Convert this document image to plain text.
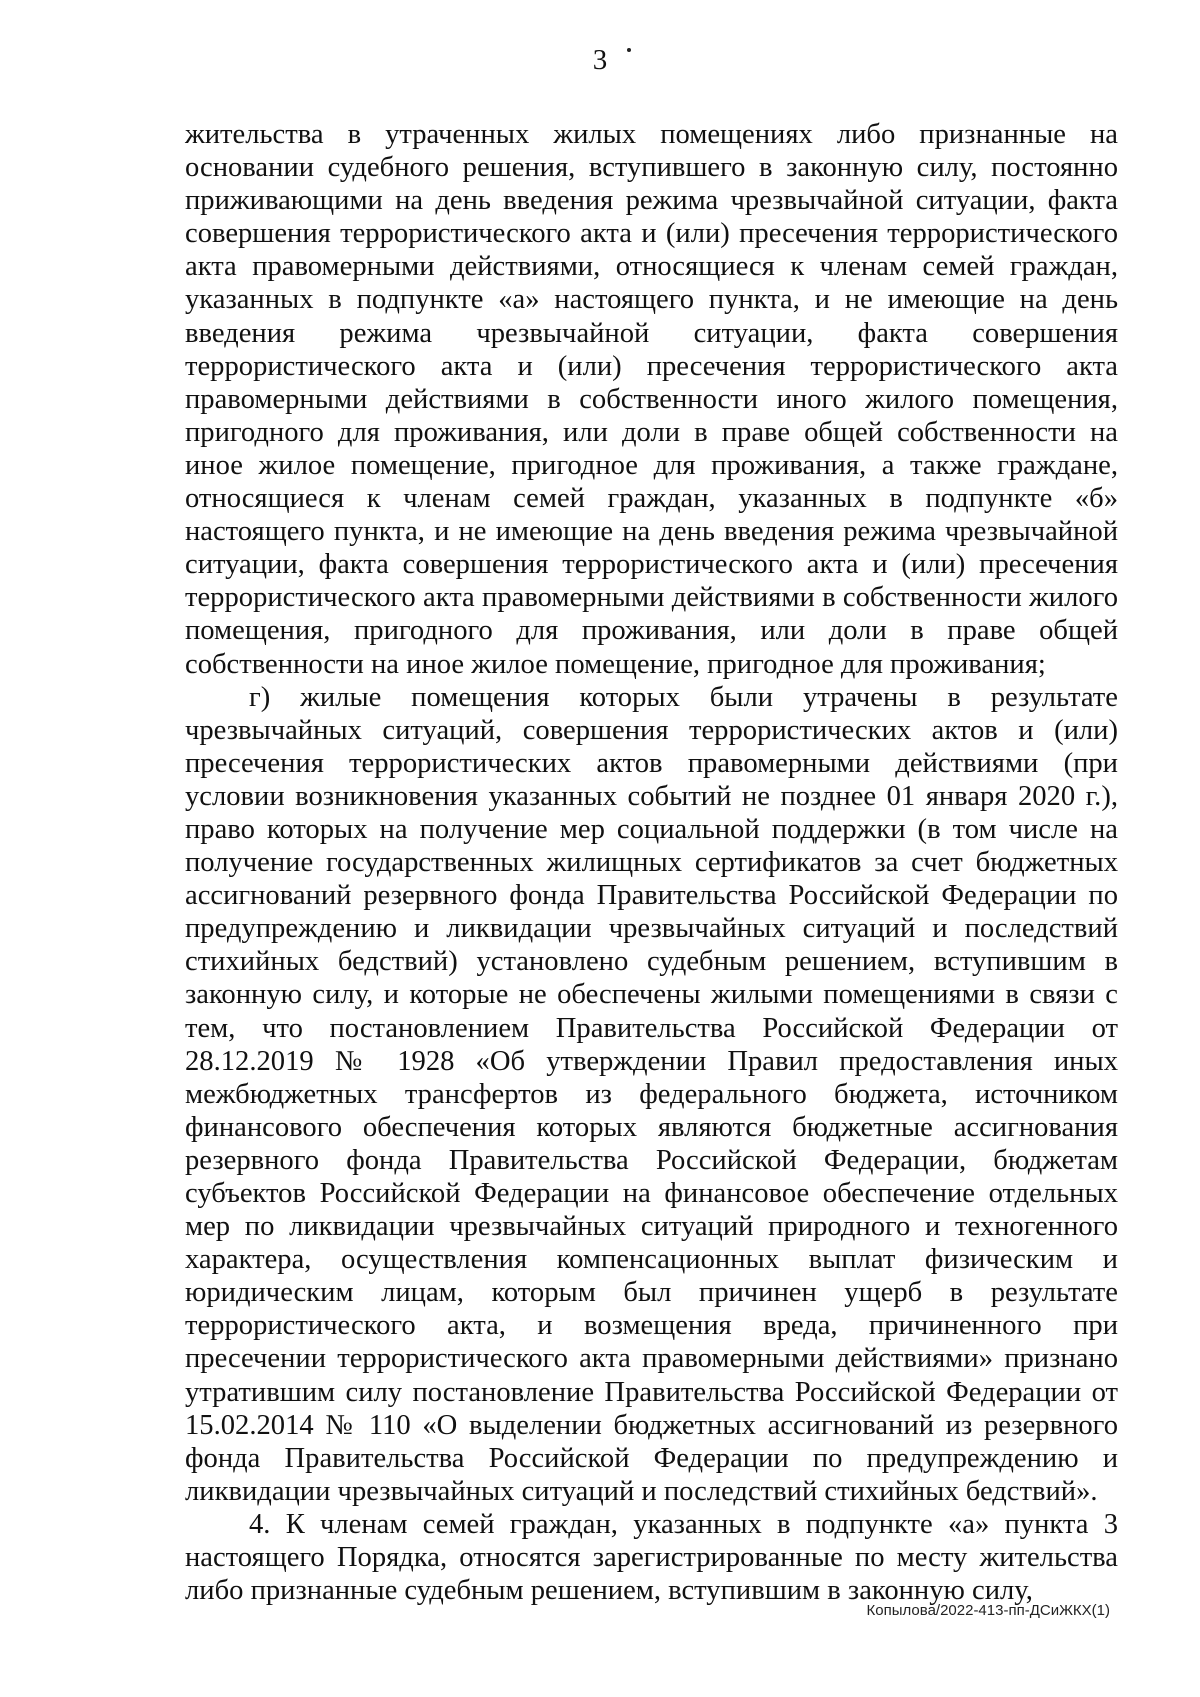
3

жительства в утраченных жилых помещениях либо признанные на основании судебного решения, вступившего в законную силу, постоянно приживающими на день введения режима чрезвычайной ситуации, факта совершения террористического акта и (или) пресечения террористического акта правомерными действиями, относящиеся к членам семей граждан, указанных в подпункте «а» настоящего пункта, и не имеющие на день введения режима чрезвычайной ситуации, факта совершения террористического акта и (или) пресечения террористического акта правомерными действиями в собственности иного жилого помещения, пригодного для проживания, или доли в праве общей собственности на иное жилое помещение, пригодное для проживания, а также граждане, относящиеся к членам семей граждан, указанных в подпункте «б» настоящего пункта, и не имеющие на день введения режима чрезвычайной ситуации, факта совершения террористического акта и (или) пресечения террористического акта правомерными действиями в собственности жилого помещения, пригодного для проживания, или доли в праве общей собственности на иное жилое помещение, пригодное для проживания;

г) жилые помещения которых были утрачены в результате чрезвычайных ситуаций, совершения террористических актов и (или) пресечения террористических актов правомерными действиями (при условии возникновения указанных событий не позднее 01 января 2020 г.), право которых на получение мер социальной поддержки (в том числе на получение государственных жилищных сертификатов за счет бюджетных ассигнований резервного фонда Правительства Российской Федерации по предупреждению и ликвидации чрезвычайных ситуаций и последствий стихийных бедствий) установлено судебным решением, вступившим в законную силу, и которые не обеспечены жилыми помещениями в связи с тем, что постановлением Правительства Российской Федерации от 28.12.2019 № 1928 «Об утверждении Правил предоставления иных межбюджетных трансфертов из федерального бюджета, источником финансового обеспечения которых являются бюджетные ассигнования резервного фонда Правительства Российской Федерации, бюджетам субъектов Российской Федерации на финансовое обеспечение отдельных мер по ликвидации чрезвычайных ситуаций природного и техногенного характера, осуществления компенсационных выплат физическим и юридическим лицам, которым был причинен ущерб в результате террористического акта, и возмещения вреда, причиненного при пресечении террористического акта правомерными действиями» признано утратившим силу постановление Правительства Российской Федерации от 15.02.2014 № 110 «О выделении бюджетных ассигнований из резервного фонда Правительства Российской Федерации по предупреждению и ликвидации чрезвычайных ситуаций и последствий стихийных бедствий».

4. К членам семей граждан, указанных в подпункте «а» пункта 3 настоящего Порядка, относятся зарегистрированные по месту жительства либо признанные судебным решением, вступившим в законную силу,

Копылова/2022-413-пп-ДСиЖКХ(1)
